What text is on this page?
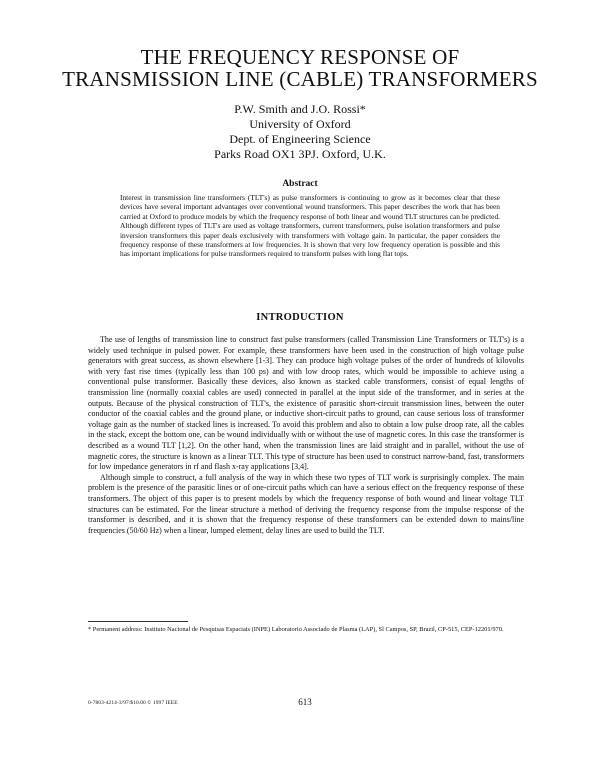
THE FREQUENCY RESPONSE OF
TRANSMISSION LINE (CABLE) TRANSFORMERS
P.W. Smith and J.O. Rossi*
University of Oxford
Dept. of Engineering Science
Parks Road OX1 3PJ. Oxford, U.K.
Abstract

Interest in transmission line transformers (TLT's) as pulse transformers is continuing to grow as it becomes clear that these devices have several important advantages over conventional wound transformers. This paper describes the work that has been carried at Oxford to produce models by which the frequency response of both linear and wound TLT structures can be predicted. Although different types of TLT's are used as voltage transformers, current transformers, pulse isolation transformers and pulse inversion transformers this paper deals exclusively with transformers with voltage gain. In particular, the paper considers the frequency response of these transformers at low frequencies. It is shown that very low frequency operation is possible and this has important implications for pulse transformers required to transform pulses with long flat tops.

INTRODUCTION

The use of lengths of transmission line to construct fast pulse transformers (called Transmission Line Transformers or TLT's) is a widely used technique in pulsed power. For example, these transformers have been used in the construction of high voltage pulse generators with great success, as shown elsewhere [1-3]. They can produce high voltage pulses of the order of hundreds of kilovolts with very fast rise times (typically less than 100 ps) and with low droop rates, which would be impossible to achieve using a conventional pulse transformer. Basically these devices, also known as stacked cable transformers, consist of equal lengths of transmission line (normally coaxial cables are used) connected in parallel at the input side of the transformer, and in series at the outputs. Because of the physical construction of TLT's, the existence of parasitic short-circuit transmission lines, between the outer conductor of the coaxial cables and the ground plane, or inductive short-circuit paths to ground, can cause serious loss of transformer voltage gain as the number of stacked lines is increased. To avoid this problem and also to obtain a low pulse droop rate, all the cables in the stack, except the bottom one, can be wound individually with or without the use of magnetic cores. In this case the transformer is described as a wound TLT [1,2]. On the other hand, when the transmission lines are laid straight and in parallel, without the use of magnetic cores, the structure is known as a linear TLT. This type of structure has been used to construct narrow-band, fast, transformers for low impedance generators in rf and flash x-ray applications [3,4].

Although simple to construct, a full analysis of the way in which these two types of TLT work is surprisingly complex. The main problem is the presence of the parasitic lines or of one-circuit paths which can have a serious effect on the frequency response of these transformers. The object of this paper is to present models by which the frequency response of both wound and linear voltage TLT structures can be estimated. For the linear structure a method of deriving the frequency response from the impulse response of the transformer is described, and it is shown that the frequency response of these transformers can be extended down to mains/line frequencies (50/60 Hz) when a linear, lumped element, delay lines are used to build the TLT.

* Permanent address: Instituto Nacional de Pesquisas Espaciais (INPE) Laboratorio Associado de Plasma (LAP), Sl Campos, SP, Brazil, CP-515, CEP-12201/970.

0-7803-4214-3/97/$10.00 © 1997 IEEE	613
